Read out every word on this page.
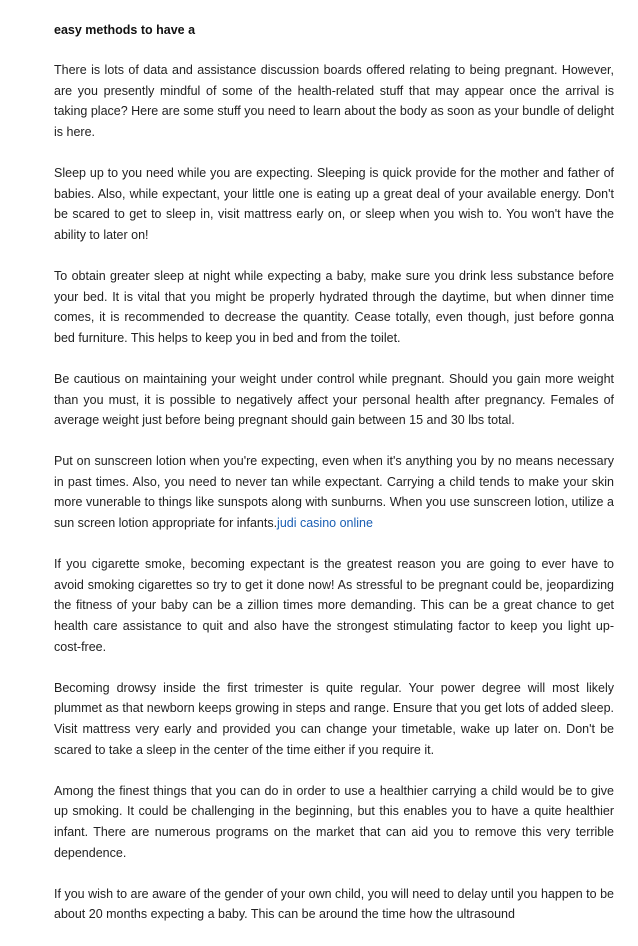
easy methods to have a

There is lots of data and assistance discussion boards offered relating to being pregnant. However, are you presently mindful of some of the health-related stuff that may appear once the arrival is taking place? Here are some stuff you need to learn about the body as soon as your bundle of delight is here.

Sleep up to you need while you are expecting. Sleeping is quick provide for the mother and father of babies. Also, while expectant, your little one is eating up a great deal of your available energy. Don't be scared to get to sleep in, visit mattress early on, or sleep when you wish to. You won't have the ability to later on!

To obtain greater sleep at night while expecting a baby, make sure you drink less substance before your bed. It is vital that you might be properly hydrated through the daytime, but when dinner time comes, it is recommended to decrease the quantity. Cease totally, even though, just before gonna bed furniture. This helps to keep you in bed and from the toilet.

Be cautious on maintaining your weight under control while pregnant. Should you gain more weight than you must, it is possible to negatively affect your personal health after pregnancy. Females of average weight just before being pregnant should gain between 15 and 30 lbs total.

Put on sunscreen lotion when you're expecting, even when it's anything you by no means necessary in past times. Also, you need to never tan while expectant. Carrying a child tends to make your skin more vunerable to things like sunspots along with sunburns. When you use sunscreen lotion, utilize a sun screen lotion appropriate for infants.judi casino online

If you cigarette smoke, becoming expectant is the greatest reason you are going to ever have to avoid smoking cigarettes so try to get it done now! As stressful to be pregnant could be, jeopardizing the fitness of your baby can be a zillion times more demanding. This can be a great chance to get health care assistance to quit and also have the strongest stimulating factor to keep you light up-cost-free.

Becoming drowsy inside the first trimester is quite regular. Your power degree will most likely plummet as that newborn keeps growing in steps and range. Ensure that you get lots of added sleep. Visit mattress very early and provided you can change your timetable, wake up later on. Don't be scared to take a sleep in the center of the time either if you require it.

Among the finest things that you can do in order to use a healthier carrying a child would be to give up smoking. It could be challenging in the beginning, but this enables you to have a quite healthier infant. There are numerous programs on the market that can aid you to remove this very terrible dependence.

If you wish to are aware of the gender of your own child, you will need to delay until you happen to be about 20 months expecting a baby. This can be around the time how the ultrasound
